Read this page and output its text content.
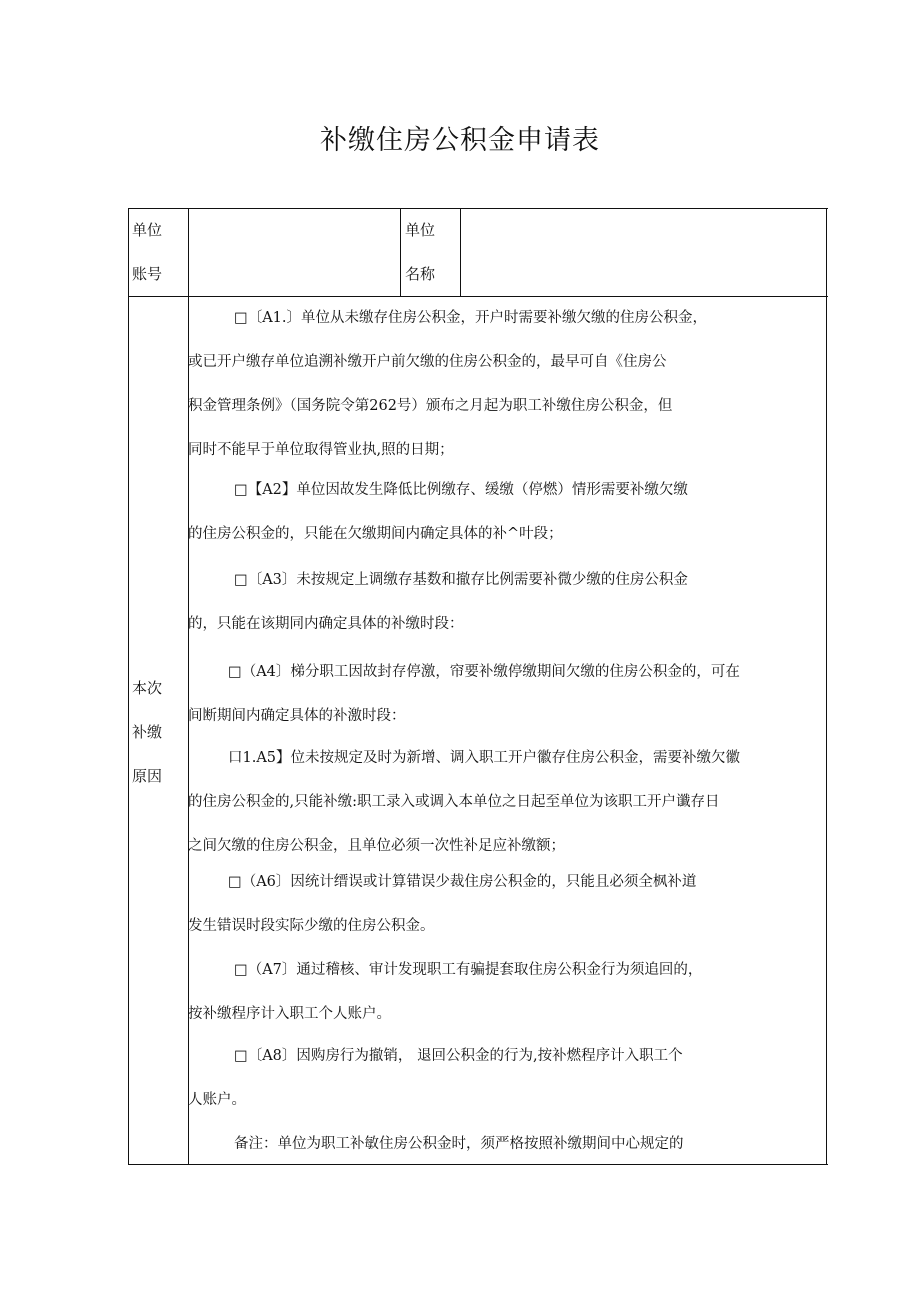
补缴住房公积金申请表
单位
账号
单位
名称
本次
补缴
原因
□〔A1.〕单位从未缴存住房公积金，开户时需要补缴欠缴的住房公积金，
或已开户缴存单位追溯补缴开户前欠缴的住房公积金的，最早可自《住房公
积金管理条例》（国务院令第262号）颁布之月起为职工补缴住房公积金，但
同时不能早于单位取得管业执,照的日期；
□【A2】单位因故发生降低比例缴存、缓缴（停燃）情形需要补缴欠缴
的住房公积金的，只能在欠缴期间内确定具体的补^叶段；
□〔A3〕未按规定上调缴存基数和撤存比例需要补微少缴的住房公积金
的，只能在该期同内确定具体的补缴时段：
□（A4〕梯分职工因故封存停激，帘要补缴停缴期间欠缴的住房公积金的，可在
间断期间内确定具体的补激时段：
口1.A5】位未按规定及时为新增、调入职工开户徽存住房公积金，需要补缴欠徽
的住房公积金的,只能补缴:职工录入或调入本单位之日起至单位为该职工开户谶存日
之间欠缴的住房公积金，且单位必须一次性补足应补缴额；
□（A6〕因统计缙误或计算错误少裁住房公积金的，只能且必须全枫补道
发生错误时段实际少缴的住房公积金。
□（A7〕通过稽核、审计发现职工有骗提套取住房公积金行为须追回的，
按补缴程序计入职工个人账户。
□〔A8〕因购房行为撤销， 退回公积金的行为,按补燃程序计入职工个
人账户。
备注：单位为职工补敏住房公积金时，须严格按照补缴期间中心规定的
